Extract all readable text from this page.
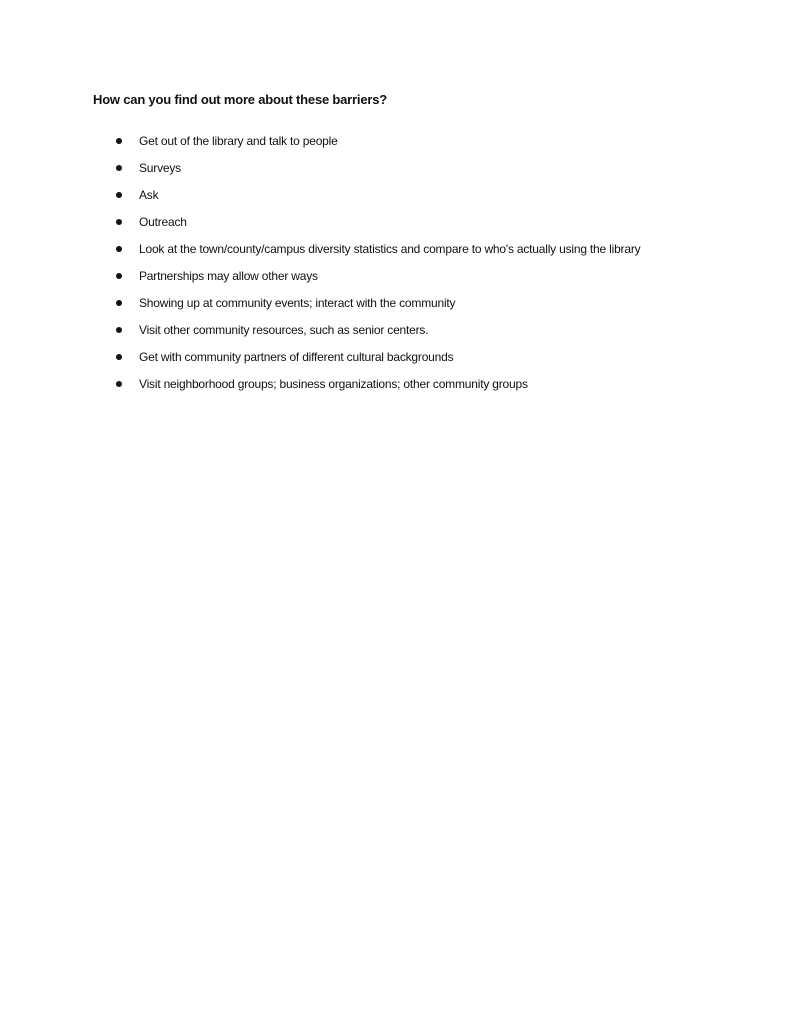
How can you find out more about these barriers?
Get out of the library and talk to people
Surveys
Ask
Outreach
Look at the town/county/campus diversity statistics and compare to who's actually using the library
Partnerships may allow other ways
Showing up at community events; interact with the community
Visit other community resources, such as senior centers.
Get with community partners of different cultural backgrounds
Visit neighborhood groups; business organizations; other community groups
